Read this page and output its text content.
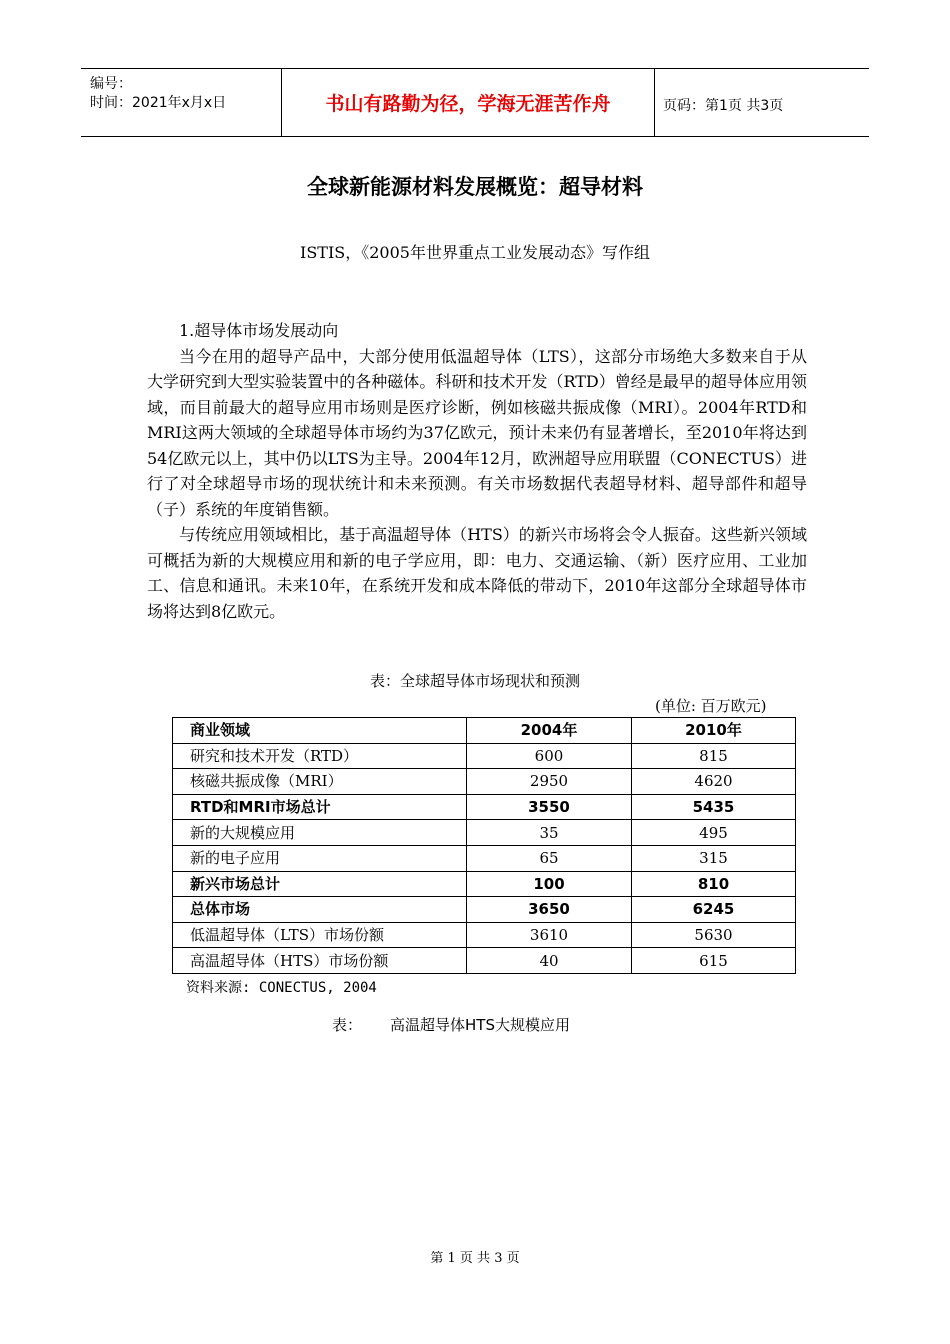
编号：
时间：2021年x月x日	书山有路勤为径，学海无涯苦作舟	页码：第1页 共3页
全球新能源材料发展概览：超导材料
ISTIS，《2005年世界重点工业发展动态》写作组

1.超导体市场发展动向

当今在用的超导产品中，大部分使用低温超导体（LTS），这部分市场绝大多数来自于从大学研究到大型实验装置中的各种磁体。科研和技术开发（RTD）曾经是最早的超导体应用领域，而目前最大的超导应用市场则是医疗诊断，例如核磁共振成像（MRI）。2004年RTD和MRI这两大领域的全球超导体市场约为37亿欧元，预计未来仍有显著增长，至2010年将达到54亿欧元以上，其中仍以LTS为主导。2004年12月，欧洲超导应用联盟（CONECTUS）进行了对全球超导市场的现状统计和未来预测。有关市场数据代表超导材料、超导部件和超导（子）系统的年度销售额。

与传统应用领域相比，基于高温超导体（HTS）的新兴市场将会令人振奋。这些新兴领域可概括为新的大规模应用和新的电子学应用，即：电力、交通运输、（新）医疗应用、工业加工、信息和通讯。未来10年，在系统开发和成本降低的带动下，2010年这部分全球超导体市场将达到8亿欧元。

表：全球超导体市场现状和预测
(单位: 百万欧元)
商业领域	2004年	2010年
研究和技术开发（RTD）	600	815
核磁共振成像（MRI）	2950	4620
RTD和MRI市场总计	3550	5435
新的大规模应用	35	495
新的电子应用	65	315
新兴市场总计	100	810
总体市场	3650	6245
低温超导体（LTS）市场份额	3610	5630
高温超导体（HTS）市场份额	40	615
资料来源: CONECTUS, 2004
表： 高温超导体HTS大规模应用
第 1 页 共 3 页
